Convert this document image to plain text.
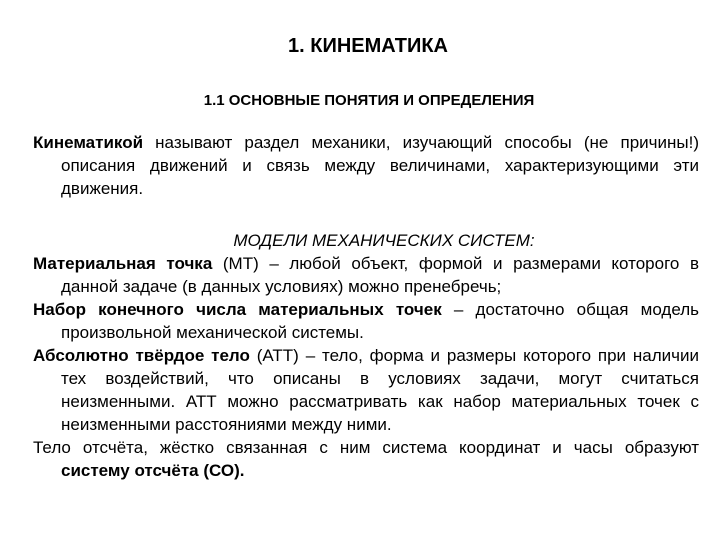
1. КИНЕМАТИКА
1.1 ОСНОВНЫЕ ПОНЯТИЯ И ОПРЕДЕЛЕНИЯ

Кинематикой называют раздел механики, изучающий способы (не причины!) описания движений и связь между величинами, характеризующими эти движения.

МОДЕЛИ МЕХАНИЧЕСКИХ СИСТЕМ:

Материальная точка (МТ) – любой объект, формой и размерами которого в данной задаче (в данных условиях) можно пренебречь;

Набор конечного числа материальных точек – достаточно общая модель произвольной механической системы.

Абсолютно твёрдое тело (АТТ) – тело, форма и размеры которого при наличии тех воздействий, что описаны в условиях задачи, могут считаться неизменными. АТТ можно рассматривать как набор материальных точек с неизменными расстояниями между ними.

Тело отсчёта, жёстко связанная с ним система координат и часы образуют систему отсчёта (СО).
